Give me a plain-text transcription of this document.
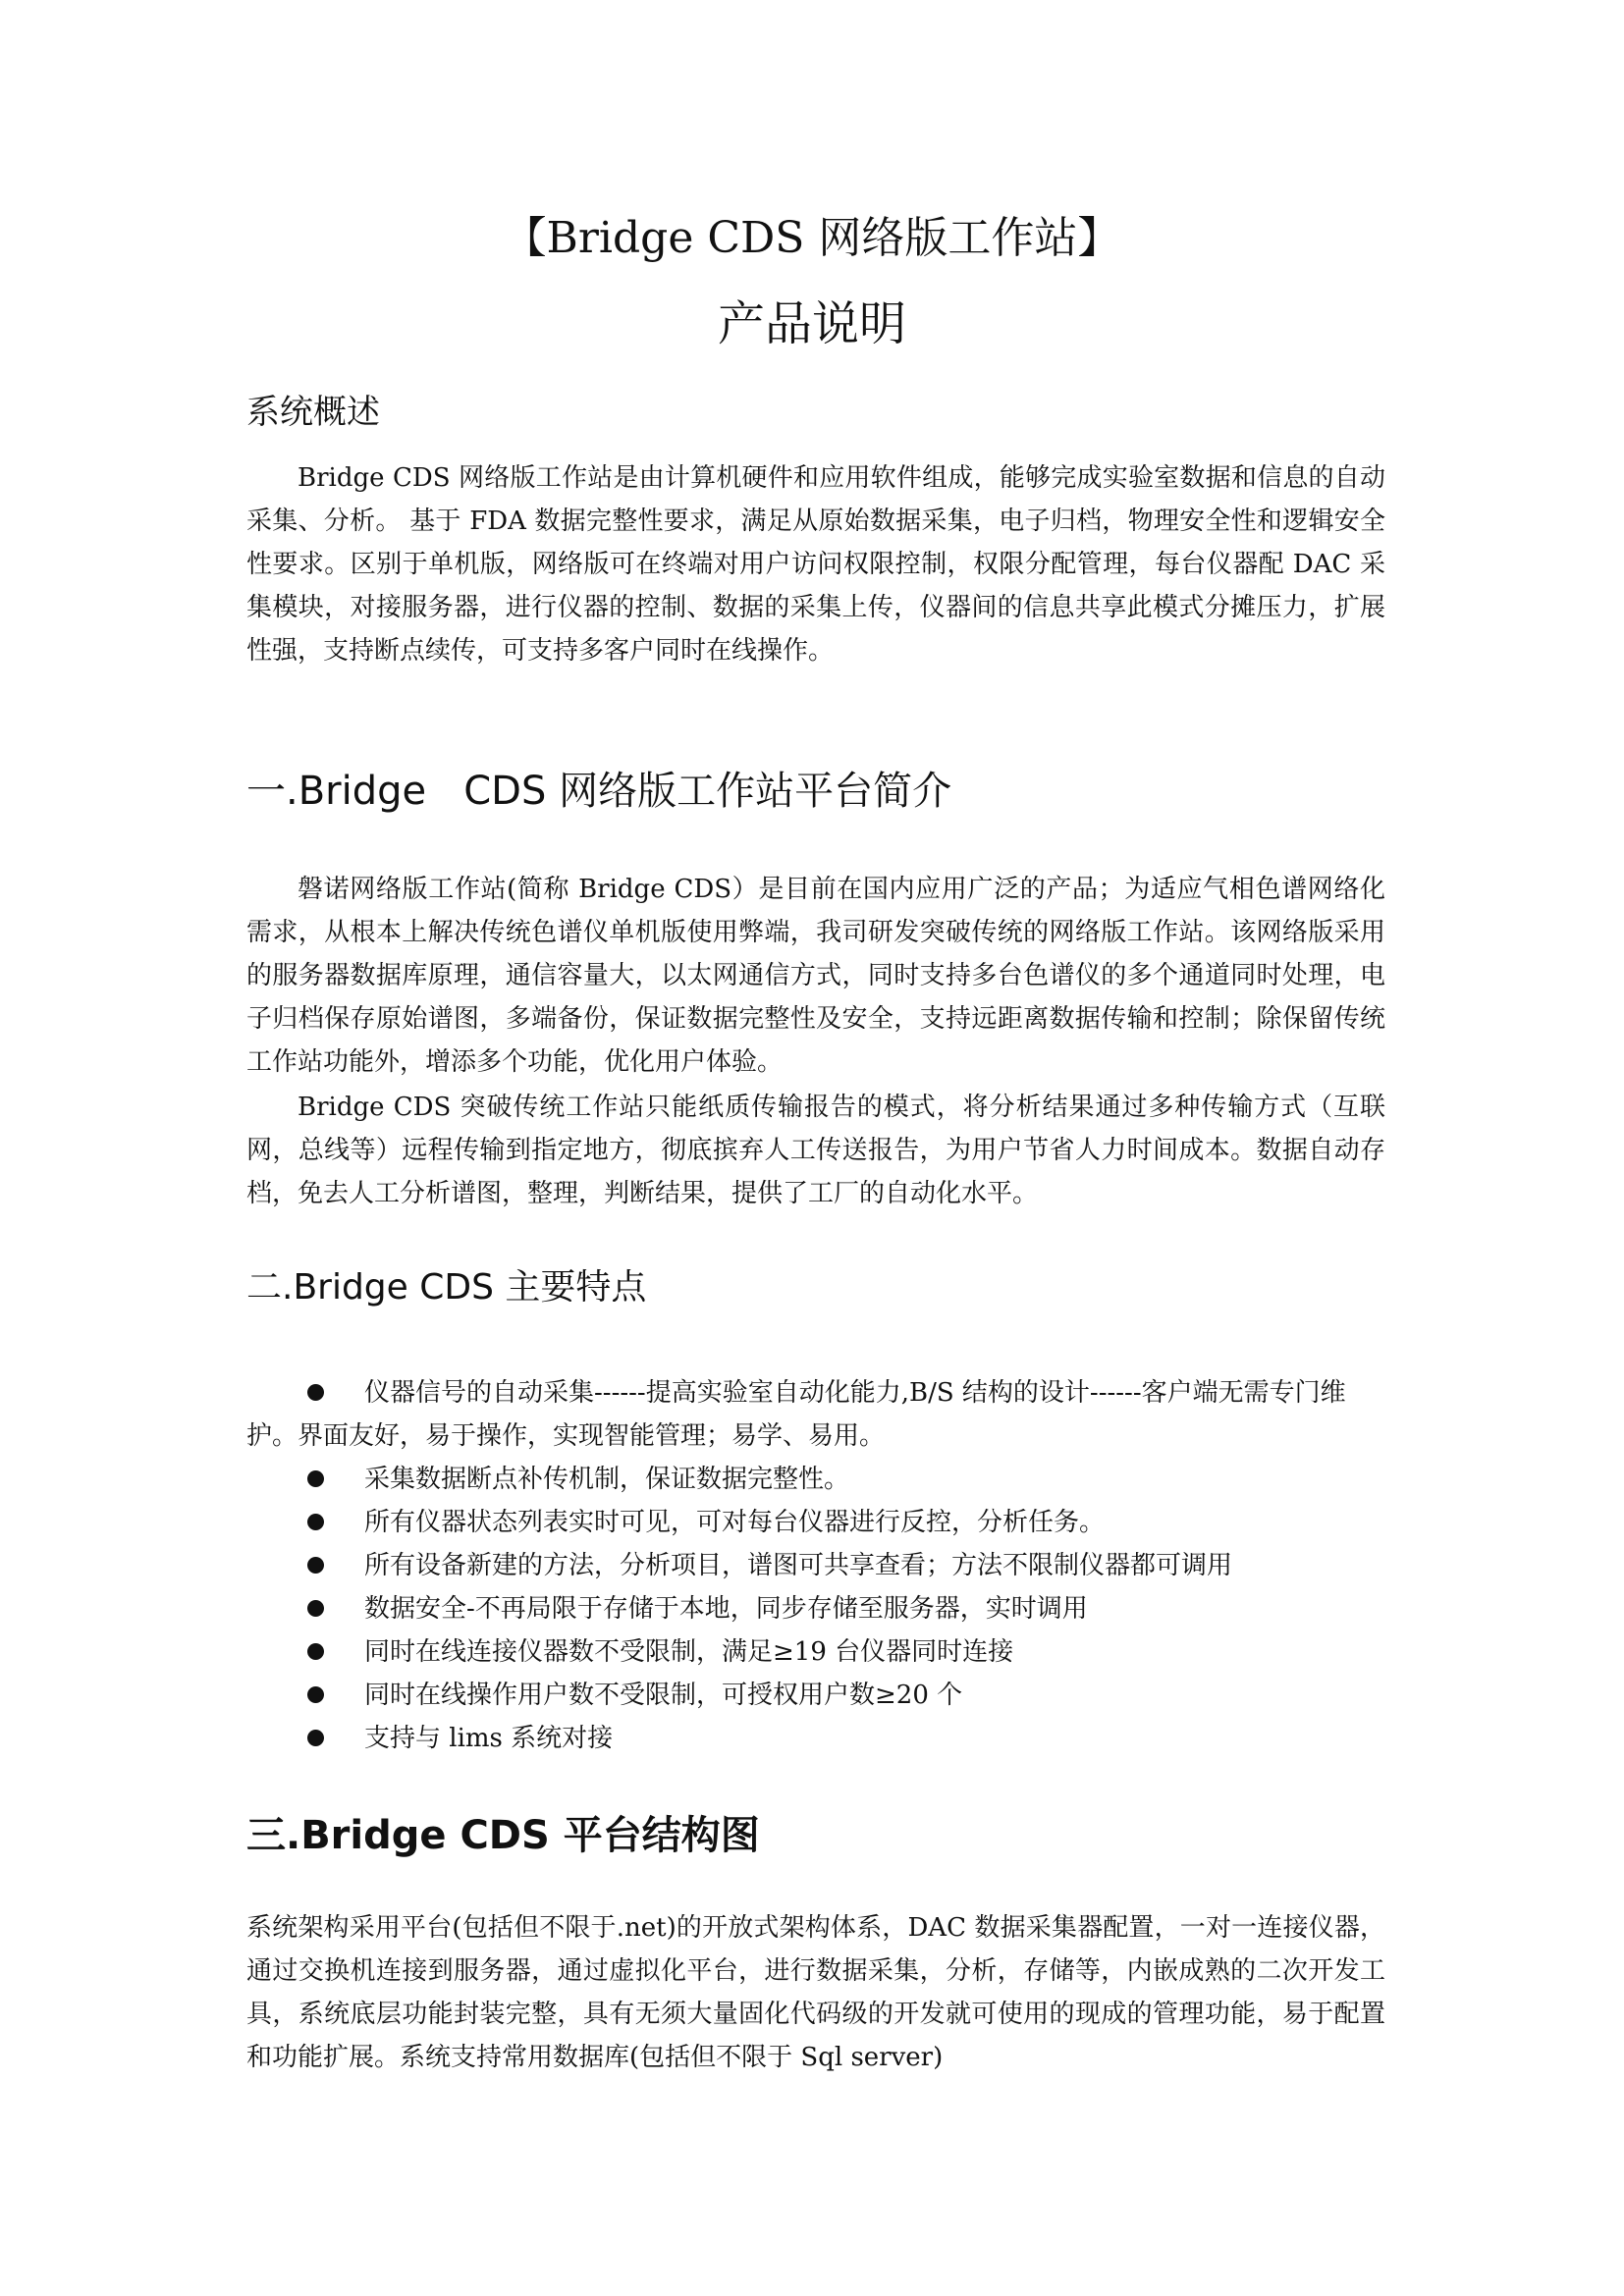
【Bridge CDS 网络版工作站】
产品说明
系统概述

Bridge CDS 网络版工作站是由计算机硬件和应用软件组成，能够完成实验室数据和信息的自动采集、分析。 基于 FDA 数据完整性要求，满足从原始数据采集，电子归档，物理安全性和逻辑安全性要求。区别于单机版，网络版可在终端对用户访问权限控制，权限分配管理，每台仪器配 DAC 采集模块，对接服务器，进行仪器的控制、数据的采集上传，仪器间的信息共享此模式分摊压力，扩展性强，支持断点续传，可支持多客户同时在线操作。

一.Bridge   CDS 网络版工作站平台简介

磐诺网络版工作站(简称 Bridge CDS）是目前在国内应用广泛的产品；为适应气相色谱网络化需求，从根本上解决传统色谱仪单机版使用弊端，我司研发突破传统的网络版工作站。该网络版采用的服务器数据库原理，通信容量大，以太网通信方式，同时支持多台色谱仪的多个通道同时处理，电子归档保存原始谱图，多端备份，保证数据完整性及安全，支持远距离数据传输和控制；除保留传统工作站功能外，增添多个功能，优化用户体验。

Bridge CDS 突破传统工作站只能纸质传输报告的模式，将分析结果通过多种传输方式（互联网，总线等）远程传输到指定地方，彻底摈弃人工传送报告，为用户节省人力时间成本。数据自动存档，免去人工分析谱图，整理，判断结果，提供了工厂的自动化水平。

二.Bridge CDS 主要特点
仪器信号的自动采集------提高实验室自动化能力,B/S 结构的设计------客户端无需专门维护。界面友好，易于操作，实现智能管理；易学、易用。
采集数据断点补传机制，保证数据完整性。
所有仪器状态列表实时可见，可对每台仪器进行反控，分析任务。
所有设备新建的方法，分析项目，谱图可共享查看；方法不限制仪器都可调用
数据安全-不再局限于存储于本地，同步存储至服务器，实时调用
同时在线连接仪器数不受限制，满足≥19 台仪器同时连接
同时在线操作用户数不受限制，可授权用户数≥20 个
支持与 lims 系统对接
三.Bridge CDS 平台结构图

系统架构采用平台(包括但不限于.net)的开放式架构体系，DAC 数据采集器配置，一对一连接仪器，通过交换机连接到服务器，通过虚拟化平台，进行数据采集，分析，存储等，内嵌成熟的二次开发工具，系统底层功能封装完整，具有无须大量固化代码级的开发就可使用的现成的管理功能，易于配置和功能扩展。系统支持常用数据库(包括但不限于 Sql server)
